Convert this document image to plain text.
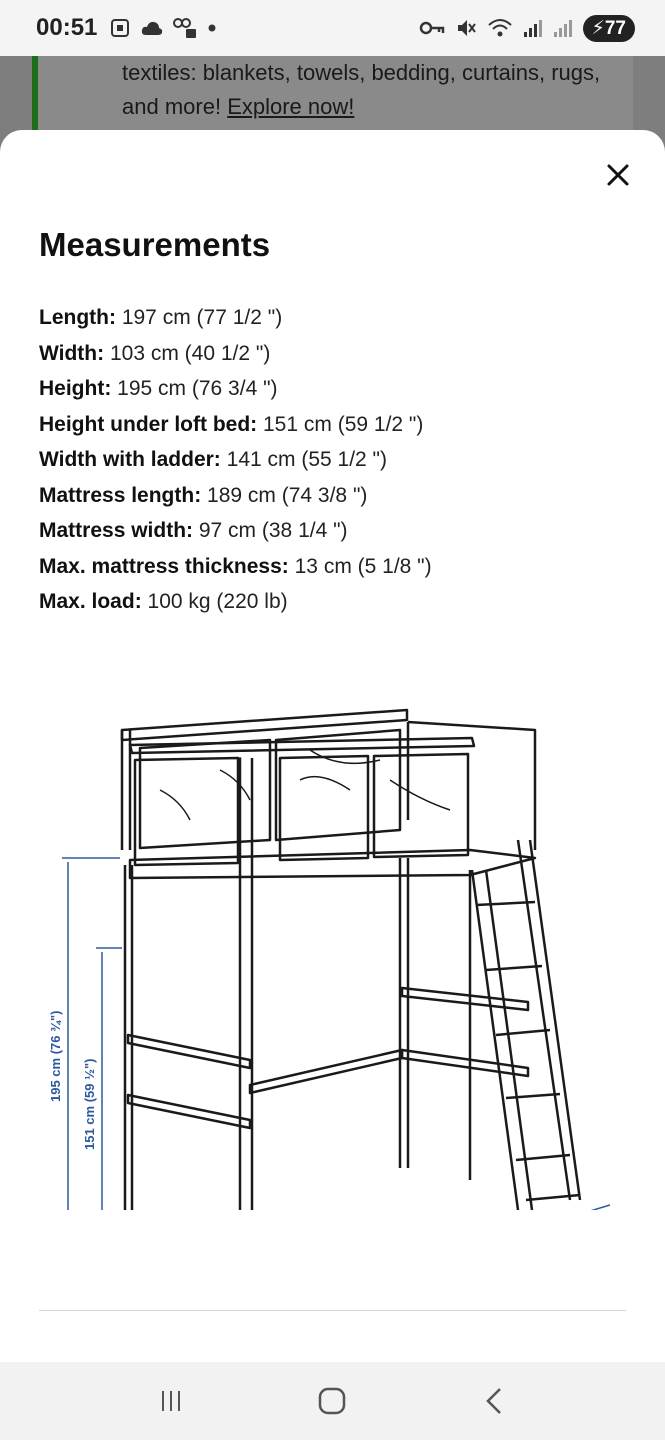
00:51	⚡77
textiles: blankets, towels, bedding, curtains, rugs, and more! Explore now!
Measurements
Length: 197 cm (77 1/2 ")
Width: 103 cm (40 1/2 ")
Height: 195 cm (76 3/4 ")
Height under loft bed: 151 cm (59 1/2 ")
Width with ladder: 141 cm (55 1/2 ")
Mattress length: 189 cm (74 3/8 ")
Mattress width: 97 cm (38 1/4 ")
Max. mattress thickness: 13 cm (5 1/8 ")
Max. load: 100 kg (220 lb)
195 cm (76 ¾")
151 cm (59 ½")
